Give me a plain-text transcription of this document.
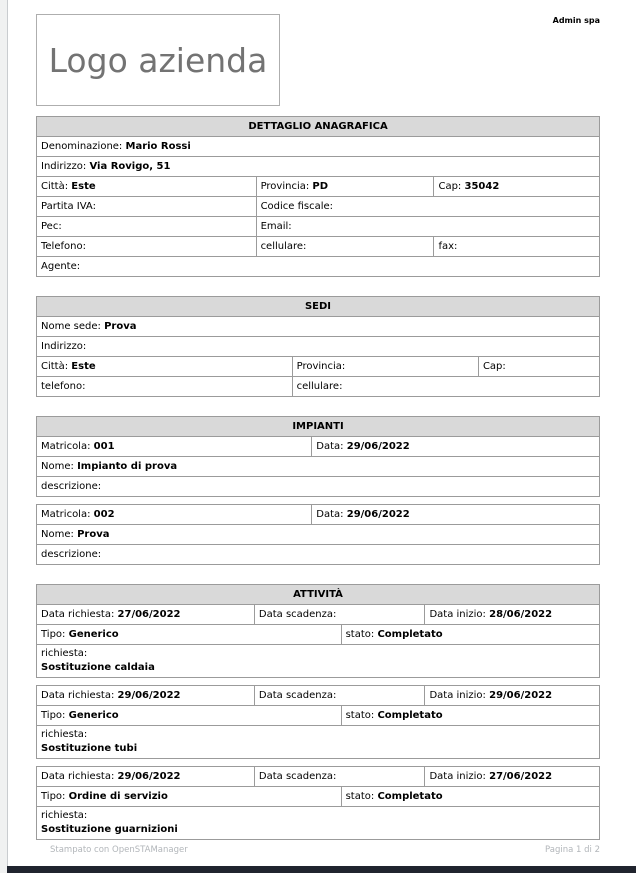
Admin spa
Logo azienda
DETTAGLIO ANAGRAFICA		
Denominazione: Mario Rossi		
Indirizzo: Via Rovigo, 51		
Città: Este	Provincia: PD	Cap: 35042
Partita IVA:	Codice fiscale:	
Pec:	Email:	
Telefono:	cellulare:	fax:
Agente:		
SEDI		
Nome sede: Prova		
Indirizzo:		
Città: Este	Provincia:	Cap:
telefono:	cellulare:	
IMPIANTI
Matricola: 001	Data: 29/06/2022
Nome: Impianto di prova
descrizione:
Matricola: 002	Data: 29/06/2022
Nome: Prova
descrizione:
ATTIVITÀ			
Data richiesta: 27/06/2022	Data scadenza:		Data inizio: 28/06/2022
Tipo: Generico		stato: Completato	

richiesta:
Sostituzione caldaia			
Data richiesta: 29/06/2022	Data scadenza:		Data inizio: 29/06/2022
Tipo: Generico		stato: Completato	

richiesta:
Sostituzione tubi			
Data richiesta: 29/06/2022	Data scadenza:		Data inizio: 27/06/2022
Tipo: Ordine di servizio		stato: Completato	

richiesta:
Sostituzione guarnizioni			
Stampato con OpenSTAManager	Pagina 1 di 2
